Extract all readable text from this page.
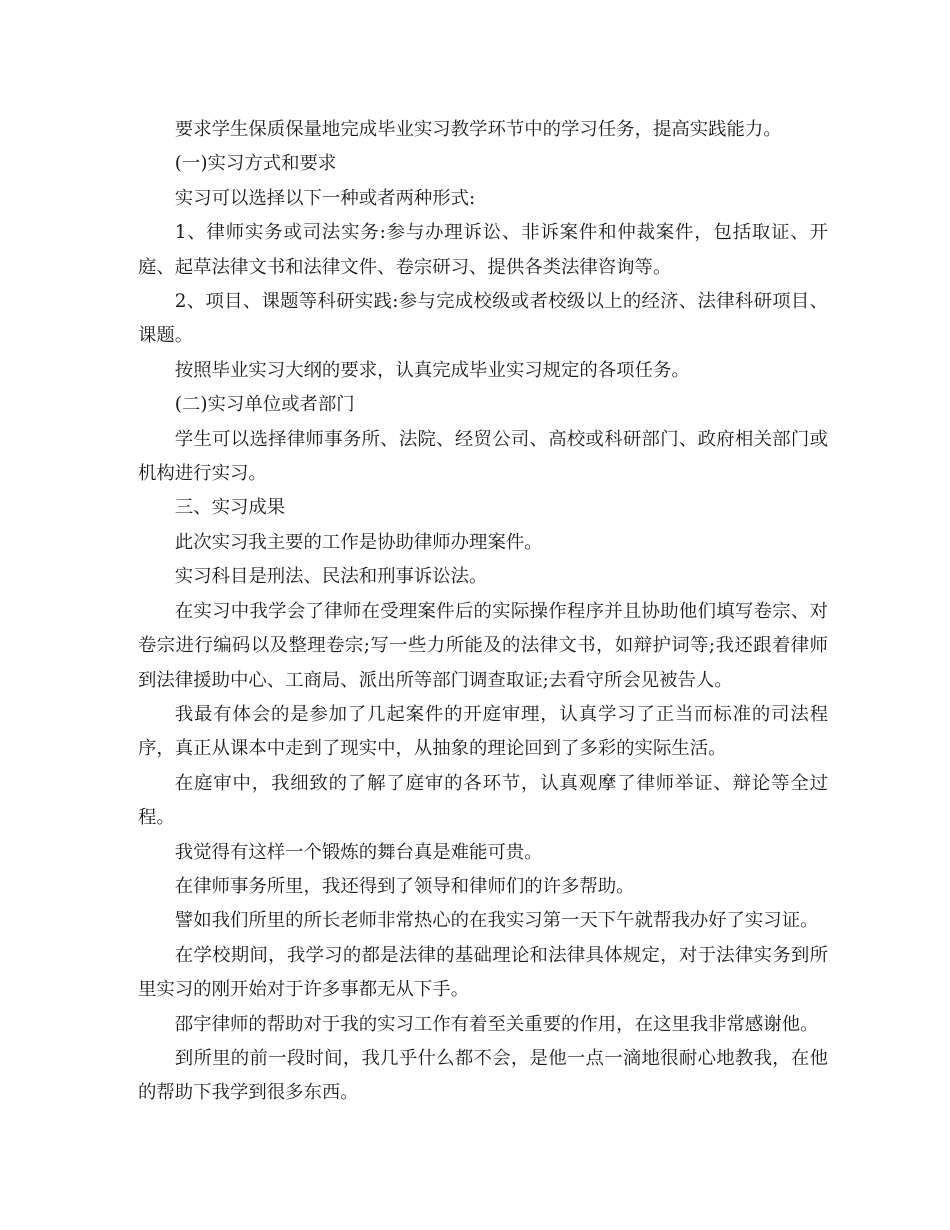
要求学生保质保量地完成毕业实习教学环节中的学习任务，提高实践能力。

(一)实习方式和要求

实习可以选择以下一种或者两种形式:

1、律师实务或司法实务:参与办理诉讼、非诉案件和仲裁案件，包括取证、开庭、起草法律文书和法律文件、卷宗研习、提供各类法律咨询等。

2、项目、课题等科研实践:参与完成校级或者校级以上的经济、法律科研项目、课题。

按照毕业实习大纲的要求，认真完成毕业实习规定的各项任务。

(二)实习单位或者部门

学生可以选择律师事务所、法院、经贸公司、高校或科研部门、政府相关部门或机构进行实习。

三、实习成果

此次实习我主要的工作是协助律师办理案件。

实习科目是刑法、民法和刑事诉讼法。

在实习中我学会了律师在受理案件后的实际操作程序并且协助他们填写卷宗、对卷宗进行编码以及整理卷宗;写一些力所能及的法律文书，如辩护词等;我还跟着律师到法律援助中心、工商局、派出所等部门调查取证;去看守所会见被告人。

我最有体会的是参加了几起案件的开庭审理，认真学习了正当而标准的司法程序，真正从课本中走到了现实中，从抽象的理论回到了多彩的实际生活。

在庭审中，我细致的了解了庭审的各环节，认真观摩了律师举证、辩论等全过程。

我觉得有这样一个锻炼的舞台真是难能可贵。

在律师事务所里，我还得到了领导和律师们的许多帮助。

譬如我们所里的所长老师非常热心的在我实习第一天下午就帮我办好了实习证。

在学校期间，我学习的都是法律的基础理论和法律具体规定，对于法律实务到所里实习的刚开始对于许多事都无从下手。

邵宇律师的帮助对于我的实习工作有着至关重要的作用，在这里我非常感谢他。

到所里的前一段时间，我几乎什么都不会，是他一点一滴地很耐心地教我，在他的帮助下我学到很多东西。
